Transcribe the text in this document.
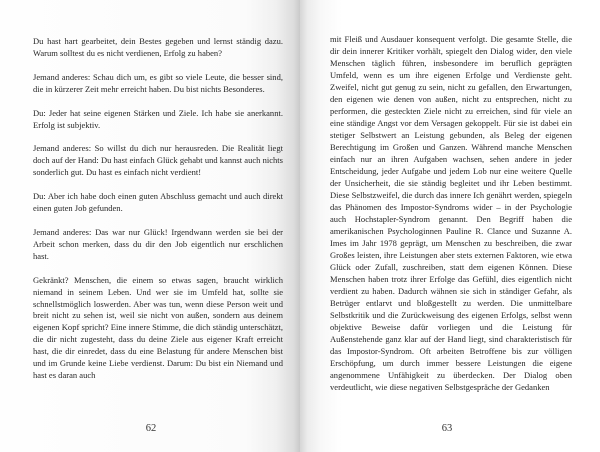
Du hast hart gearbeitet, dein Bestes gegeben und lernst ständig dazu. Warum solltest du es nicht verdienen, Erfolg zu haben?

Jemand anderes: Schau dich um, es gibt so viele Leute, die besser sind, die in kürzerer Zeit mehr erreicht haben. Du bist nichts Besonderes.

Du: Jeder hat seine eigenen Stärken und Ziele. Ich habe sie anerkannt. Erfolg ist subjektiv.

Jemand anderes: So willst du dich nur herausreden. Die Realität liegt doch auf der Hand: Du hast einfach Glück gehabt und kannst auch nichts sonderlich gut. Du hast es einfach nicht verdient!

Du: Aber ich habe doch einen guten Abschluss gemacht und auch direkt einen guten Job gefunden.

Jemand anderes: Das war nur Glück! Irgendwann werden sie bei der Arbeit schon merken, dass du dir den Job eigentlich nur erschlichen hast.

Gekränkt? Menschen, die einem so etwas sagen, braucht wirklich niemand in seinem Leben. Und wer sie im Umfeld hat, sollte sie schnellstmöglich loswerden. Aber was tun, wenn diese Person weit und breit nicht zu sehen ist, weil sie nicht von außen, sondern aus deinem eigenen Kopf spricht? Eine innere Stimme, die dich ständig unterschätzt, die dir nicht zugesteht, dass du deine Ziele aus eigener Kraft erreicht hast, die dir einredet, dass du eine Belastung für andere Menschen bist und im Grunde keine Liebe verdienst. Darum: Du bist ein Niemand und hast es daran auch

62

mit Fleiß und Ausdauer konsequent verfolgt. Die gesamte Stelle, die dir dein innerer Kritiker vorhält, spiegelt den Dialog wider, den viele Menschen täglich führen, insbesondere im beruflich geprägten Umfeld, wenn es um ihre eigenen Erfolge und Verdienste geht. Zweifel, nicht gut genug zu sein, nicht zu gefallen, den Erwartungen, den eigenen wie denen von außen, nicht zu entsprechen, nicht zu performen, die gesteckten Ziele nicht zu erreichen, sind für viele an eine ständige Angst vor dem Versagen gekoppelt. Für sie ist dabei ein stetiger Selbstwert an Leistung gebunden, als Beleg der eigenen Berechtigung im Großen und Ganzen. Während manche Menschen einfach nur an ihren Aufgaben wachsen, sehen andere in jeder Entscheidung, jeder Aufgabe und jedem Lob nur eine weitere Quelle der Unsicherheit, die sie ständig begleitet und ihr Leben bestimmt. Diese Selbstzweifel, die durch das innere Ich genährt werden, spiegeln das Phänomen des Impostor-Syndroms wider – in der Psychologie auch Hochstapler-Syndrom genannt. Den Begriff haben die amerikanischen Psychologinnen Pauline R. Clance und Suzanne A. Imes im Jahr 1978 geprägt, um Menschen zu beschreiben, die zwar Großes leisten, ihre Leistungen aber stets externen Faktoren, wie etwa Glück oder Zufall, zuschreiben, statt dem eigenen Können. Diese Menschen haben trotz ihrer Erfolge das Gefühl, dies eigentlich nicht verdient zu haben. Dadurch wähnen sie sich in ständiger Gefahr, als Betrüger entlarvt und bloßgestellt zu werden. Die unmittelbare Selbstkritik und die Zurückweisung des eigenen Erfolgs, selbst wenn objektive Beweise dafür vorliegen und die Leistung für Außenstehende ganz klar auf der Hand liegt, sind charakteristisch für das Impostor-Syndrom. Oft arbeiten Betroffene bis zur völligen Erschöpfung, um durch immer bessere Leistungen die eigene angenommene Unfähigkeit zu überdecken. Der Dialog oben verdeutlicht, wie diese negativen Selbstgespräche der Gedanken

63
